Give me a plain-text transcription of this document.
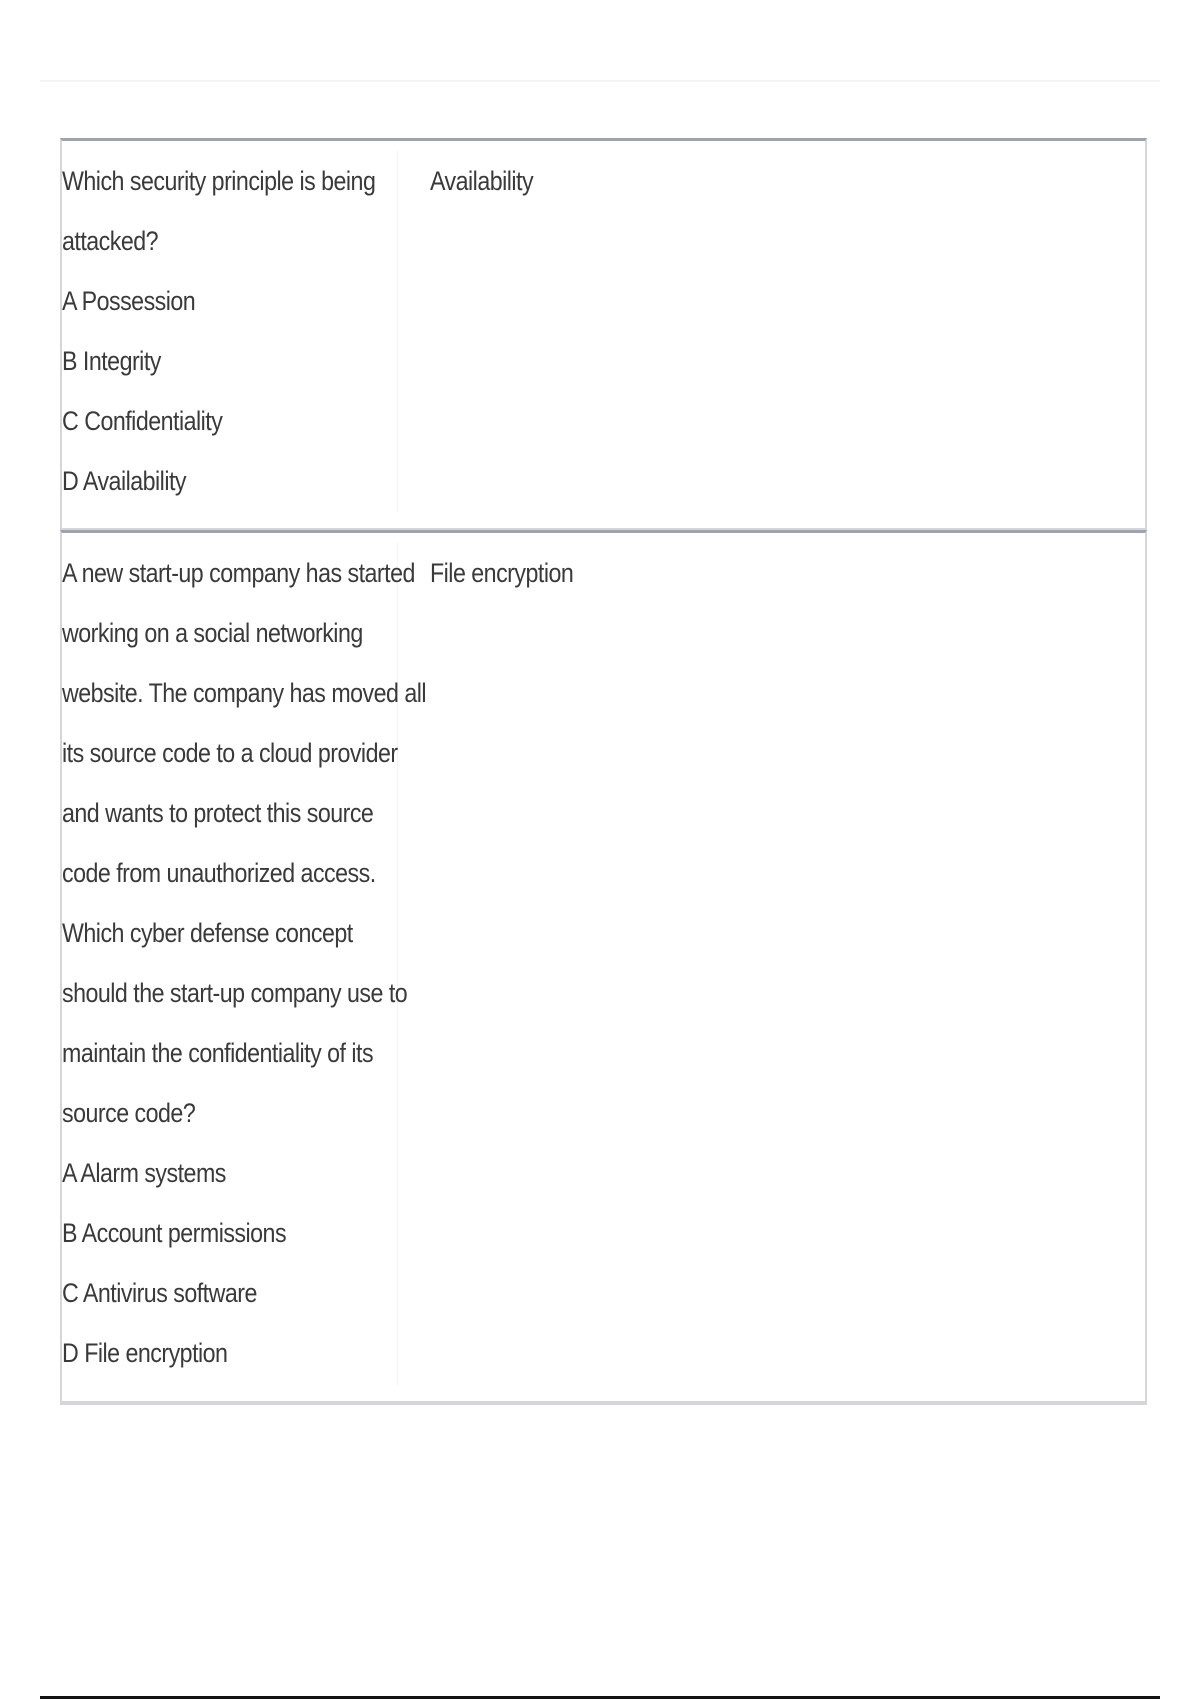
Which security principle is being
attacked?
A Possession
B Integrity
C Confidentiality
D Availability
Availability
A new start-up company has started
working on a social networking
website. The company has moved all
its source code to a cloud provider
and wants to protect this source
code from unauthorized access.
Which cyber defense concept
should the start-up company use to
maintain the confidentiality of its
source code?
A Alarm systems
B Account permissions
C Antivirus software
D File encryption
File encryption
